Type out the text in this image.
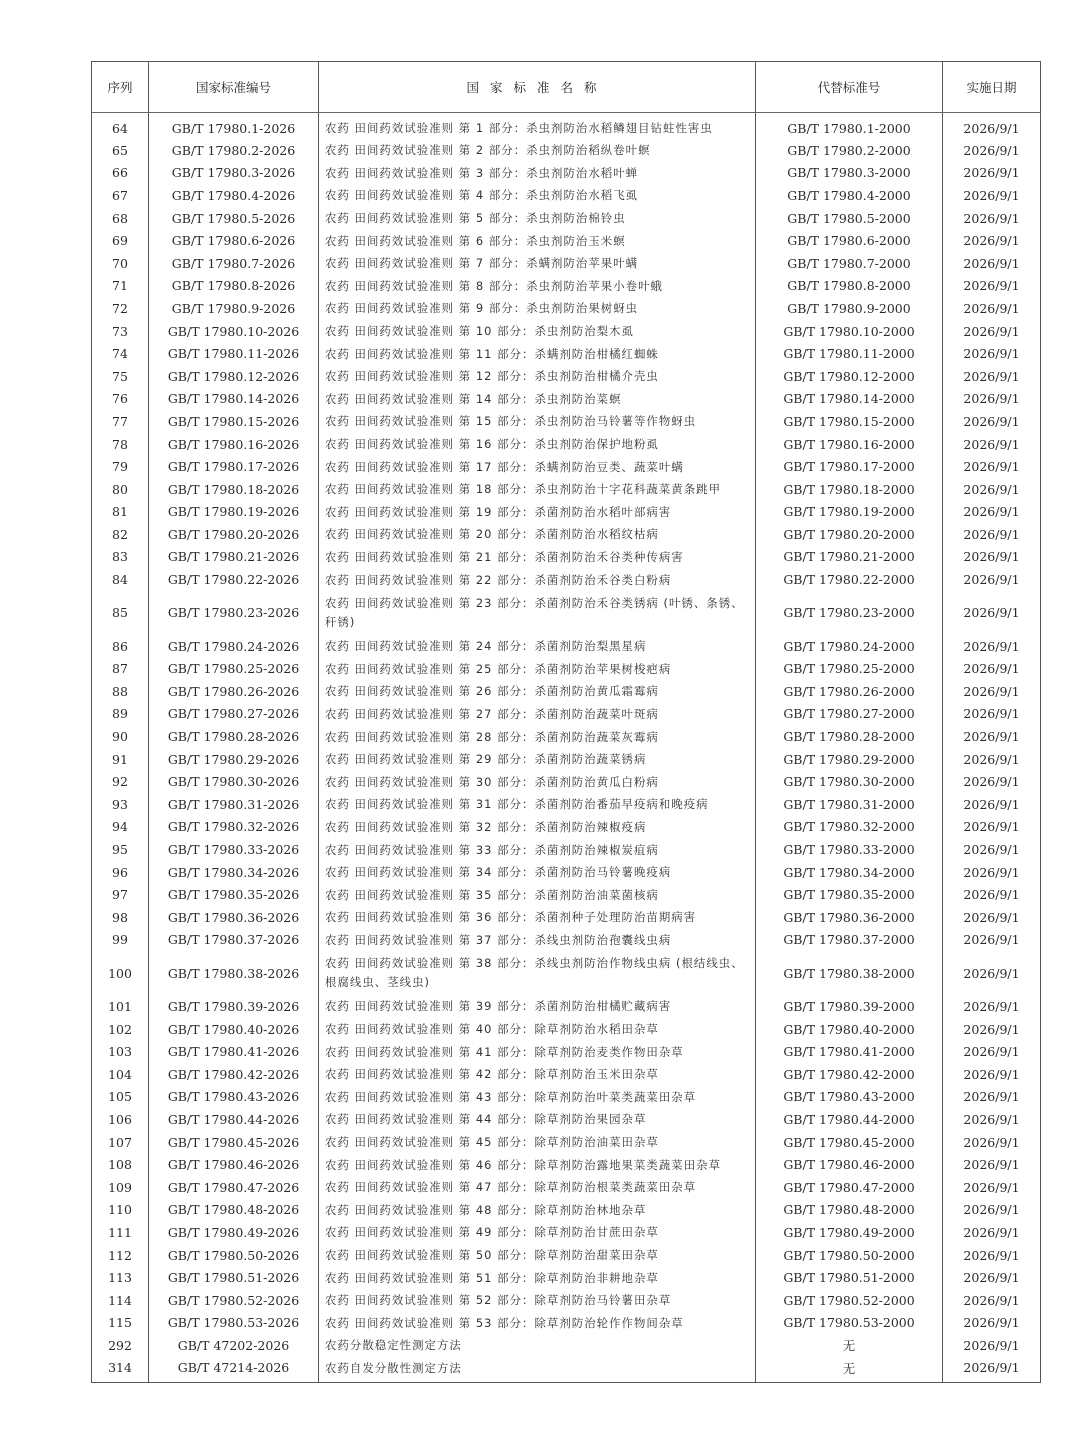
序列	国家标准编号	国家标准名称	代替标准号	实施日期
64	GB/T 17980.1-2026	农药 田间药效试验准则 第 1 部分：杀虫剂防治水稻鳞翅目钻蛀性害虫	GB/T 17980.1-2000	2026/9/1
65	GB/T 17980.2-2026	农药 田间药效试验准则 第 2 部分：杀虫剂防治稻纵卷叶螟	GB/T 17980.2-2000	2026/9/1
66	GB/T 17980.3-2026	农药 田间药效试验准则 第 3 部分：杀虫剂防治水稻叶蝉	GB/T 17980.3-2000	2026/9/1
67	GB/T 17980.4-2026	农药 田间药效试验准则 第 4 部分：杀虫剂防治水稻飞虱	GB/T 17980.4-2000	2026/9/1
68	GB/T 17980.5-2026	农药 田间药效试验准则 第 5 部分：杀虫剂防治棉铃虫	GB/T 17980.5-2000	2026/9/1
69	GB/T 17980.6-2026	农药 田间药效试验准则 第 6 部分：杀虫剂防治玉米螟	GB/T 17980.6-2000	2026/9/1
70	GB/T 17980.7-2026	农药 田间药效试验准则 第 7 部分：杀螨剂防治苹果叶螨	GB/T 17980.7-2000	2026/9/1
71	GB/T 17980.8-2026	农药 田间药效试验准则 第 8 部分：杀虫剂防治苹果小卷叶蛾	GB/T 17980.8-2000	2026/9/1
72	GB/T 17980.9-2026	农药 田间药效试验准则 第 9 部分：杀虫剂防治果树蚜虫	GB/T 17980.9-2000	2026/9/1
73	GB/T 17980.10-2026	农药 田间药效试验准则 第 10 部分：杀虫剂防治梨木虱	GB/T 17980.10-2000	2026/9/1
74	GB/T 17980.11-2026	农药 田间药效试验准则 第 11 部分：杀螨剂防治柑橘红蜘蛛	GB/T 17980.11-2000	2026/9/1
75	GB/T 17980.12-2026	农药 田间药效试验准则 第 12 部分：杀虫剂防治柑橘介壳虫	GB/T 17980.12-2000	2026/9/1
76	GB/T 17980.14-2026	农药 田间药效试验准则 第 14 部分：杀虫剂防治菜螟	GB/T 17980.14-2000	2026/9/1
77	GB/T 17980.15-2026	农药 田间药效试验准则 第 15 部分：杀虫剂防治马铃薯等作物蚜虫	GB/T 17980.15-2000	2026/9/1
78	GB/T 17980.16-2026	农药 田间药效试验准则 第 16 部分：杀虫剂防治保护地粉虱	GB/T 17980.16-2000	2026/9/1
79	GB/T 17980.17-2026	农药 田间药效试验准则 第 17 部分：杀螨剂防治豆类、蔬菜叶螨	GB/T 17980.17-2000	2026/9/1
80	GB/T 17980.18-2026	农药 田间药效试验准则 第 18 部分：杀虫剂防治十字花科蔬菜黄条跳甲	GB/T 17980.18-2000	2026/9/1
81	GB/T 17980.19-2026	农药 田间药效试验准则 第 19 部分：杀菌剂防治水稻叶部病害	GB/T 17980.19-2000	2026/9/1
82	GB/T 17980.20-2026	农药 田间药效试验准则 第 20 部分：杀菌剂防治水稻纹枯病	GB/T 17980.20-2000	2026/9/1
83	GB/T 17980.21-2026	农药 田间药效试验准则 第 21 部分：杀菌剂防治禾谷类种传病害	GB/T 17980.21-2000	2026/9/1
84	GB/T 17980.22-2026	农药 田间药效试验准则 第 22 部分：杀菌剂防治禾谷类白粉病	GB/T 17980.22-2000	2026/9/1
85	GB/T 17980.23-2026	农药 田间药效试验准则 第 23 部分：杀菌剂防治禾谷类锈病 (叶锈、条锈、秆锈)	GB/T 17980.23-2000	2026/9/1
86	GB/T 17980.24-2026	农药 田间药效试验准则 第 24 部分：杀菌剂防治梨黑星病	GB/T 17980.24-2000	2026/9/1
87	GB/T 17980.25-2026	农药 田间药效试验准则 第 25 部分：杀菌剂防治苹果树梭疤病	GB/T 17980.25-2000	2026/9/1
88	GB/T 17980.26-2026	农药 田间药效试验准则 第 26 部分：杀菌剂防治黄瓜霜霉病	GB/T 17980.26-2000	2026/9/1
89	GB/T 17980.27-2026	农药 田间药效试验准则 第 27 部分：杀菌剂防治蔬菜叶斑病	GB/T 17980.27-2000	2026/9/1
90	GB/T 17980.28-2026	农药 田间药效试验准则 第 28 部分：杀菌剂防治蔬菜灰霉病	GB/T 17980.28-2000	2026/9/1
91	GB/T 17980.29-2026	农药 田间药效试验准则 第 29 部分：杀菌剂防治蔬菜锈病	GB/T 17980.29-2000	2026/9/1
92	GB/T 17980.30-2026	农药 田间药效试验准则 第 30 部分：杀菌剂防治黄瓜白粉病	GB/T 17980.30-2000	2026/9/1
93	GB/T 17980.31-2026	农药 田间药效试验准则 第 31 部分：杀菌剂防治番茄早疫病和晚疫病	GB/T 17980.31-2000	2026/9/1
94	GB/T 17980.32-2026	农药 田间药效试验准则 第 32 部分：杀菌剂防治辣椒疫病	GB/T 17980.32-2000	2026/9/1
95	GB/T 17980.33-2026	农药 田间药效试验准则 第 33 部分：杀菌剂防治辣椒炭疽病	GB/T 17980.33-2000	2026/9/1
96	GB/T 17980.34-2026	农药 田间药效试验准则 第 34 部分：杀菌剂防治马铃薯晚疫病	GB/T 17980.34-2000	2026/9/1
97	GB/T 17980.35-2026	农药 田间药效试验准则 第 35 部分：杀菌剂防治油菜菌核病	GB/T 17980.35-2000	2026/9/1
98	GB/T 17980.36-2026	农药 田间药效试验准则 第 36 部分：杀菌剂种子处理防治苗期病害	GB/T 17980.36-2000	2026/9/1
99	GB/T 17980.37-2026	农药 田间药效试验准则 第 37 部分：杀线虫剂防治孢囊线虫病	GB/T 17980.37-2000	2026/9/1
100	GB/T 17980.38-2026	农药 田间药效试验准则 第 38 部分：杀线虫剂防治作物线虫病 (根结线虫、根腐线虫、茎线虫)	GB/T 17980.38-2000	2026/9/1
101	GB/T 17980.39-2026	农药 田间药效试验准则 第 39 部分：杀菌剂防治柑橘贮藏病害	GB/T 17980.39-2000	2026/9/1
102	GB/T 17980.40-2026	农药 田间药效试验准则 第 40 部分：除草剂防治水稻田杂草	GB/T 17980.40-2000	2026/9/1
103	GB/T 17980.41-2026	农药 田间药效试验准则 第 41 部分：除草剂防治麦类作物田杂草	GB/T 17980.41-2000	2026/9/1
104	GB/T 17980.42-2026	农药 田间药效试验准则 第 42 部分：除草剂防治玉米田杂草	GB/T 17980.42-2000	2026/9/1
105	GB/T 17980.43-2026	农药 田间药效试验准则 第 43 部分：除草剂防治叶菜类蔬菜田杂草	GB/T 17980.43-2000	2026/9/1
106	GB/T 17980.44-2026	农药 田间药效试验准则 第 44 部分：除草剂防治果园杂草	GB/T 17980.44-2000	2026/9/1
107	GB/T 17980.45-2026	农药 田间药效试验准则 第 45 部分：除草剂防治油菜田杂草	GB/T 17980.45-2000	2026/9/1
108	GB/T 17980.46-2026	农药 田间药效试验准则 第 46 部分：除草剂防治露地果菜类蔬菜田杂草	GB/T 17980.46-2000	2026/9/1
109	GB/T 17980.47-2026	农药 田间药效试验准则 第 47 部分：除草剂防治根菜类蔬菜田杂草	GB/T 17980.47-2000	2026/9/1
110	GB/T 17980.48-2026	农药 田间药效试验准则 第 48 部分：除草剂防治林地杂草	GB/T 17980.48-2000	2026/9/1
111	GB/T 17980.49-2026	农药 田间药效试验准则 第 49 部分：除草剂防治甘蔗田杂草	GB/T 17980.49-2000	2026/9/1
112	GB/T 17980.50-2026	农药 田间药效试验准则 第 50 部分：除草剂防治甜菜田杂草	GB/T 17980.50-2000	2026/9/1
113	GB/T 17980.51-2026	农药 田间药效试验准则 第 51 部分：除草剂防治非耕地杂草	GB/T 17980.51-2000	2026/9/1
114	GB/T 17980.52-2026	农药 田间药效试验准则 第 52 部分：除草剂防治马铃薯田杂草	GB/T 17980.52-2000	2026/9/1
115	GB/T 17980.53-2026	农药 田间药效试验准则 第 53 部分：除草剂防治轮作作物间杂草	GB/T 17980.53-2000	2026/9/1
292	GB/T 47202-2026	农药分散稳定性测定方法	无	2026/9/1
314	GB/T 47214-2026	农药自发分散性测定方法	无	2026/9/1
